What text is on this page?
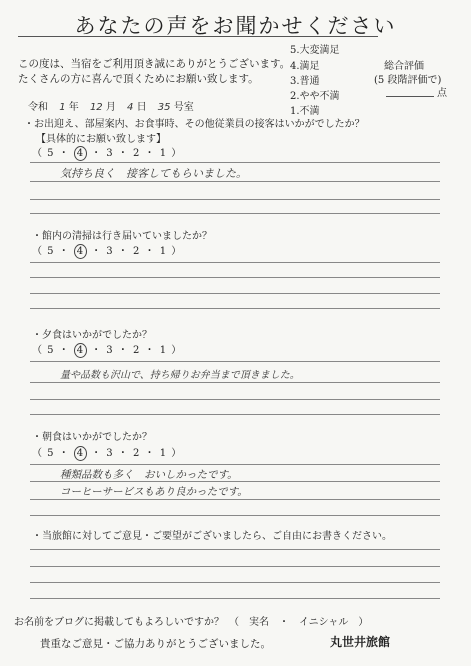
あなたの声をお聞かせください
この度は、当宿をご利用頂き誠にありがとうございます。
たくさんの方に喜んで頂くためにお願い致します。
5.大変満足
4.満足
3.普通
2.やや不満
1.不満
総合評価
(5 段階評価で)
点
令和 1 年 12 月 4 日 35 号室
・お出迎え、部屋案内、お食事時、その他従業員の接客はいかがでしたか？
【具体的にお願い致します】
（ 5 ・ 4 ・ 3 ・ 2 ・ 1 ）
気持ち良く　接客してもらいました。
・館内の清掃は行き届いていましたか？
（ 5 ・ 4 ・ 3 ・ 2 ・ 1 ）
・夕食はいかがでしたか？
（ 5 ・ 4 ・ 3 ・ 2 ・ 1 ）
量や品数も沢山で、持ち帰りお弁当まで頂きました。
・朝食はいかがでしたか？
（ 5 ・ 4 ・ 3 ・ 2 ・ 1 ）
種類品数も多く　おいしかったです。
コーヒーサービスもあり良かったです。
・当旅館に対してご意見・ご要望がございましたら、ご自由にお書きください。
お名前をブログに掲載してもよろしいですか？　（　実名　・　イニシャル　）
貴重なご意見・ご協力ありがとうございました。	丸世井旅館
